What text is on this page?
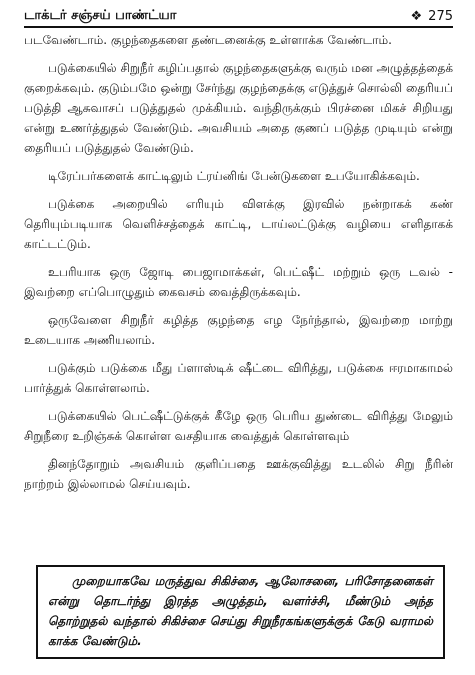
டாக்டர் சஞ்சய் பாண்ட்யா	❖ 275

படவேண்டாம். குழந்தைகளை தண்டனைக்கு உள்ளாக்க வேண்டாம்.

படுக்கையில் சிறுநீர் கழிப்பதால் குழந்தைகளுக்கு வரும் மன அழுத்தத்தைக் குறைக்கவும். குடும்பமே ஒன்று சேர்ந்து குழந்தைக்கு எடுத்துச் சொல்லி தைரியப் படுத்தி ஆசுவாசப் படுத்துதல் முக்கியம். வந்திருக்கும் பிரச்னை மிகச் சிறியது என்று உணர்த்துதல் வேண்டும். அவசியம் அதை குணப் படுத்த முடியும் என்று தைரியப் படுத்துதல் வேண்டும்.

டிரேப்பர்களைக் காட்டிலும் ட்ரய்னிங் பேன்டுகளை உபயோகிக்கவும்.

படுக்கை அறையில் எரியும் விளக்கு இரவில் நன்றாகக் கண் தெரியும்படியாக வெளிச்சத்தைக் காட்டி, டாய்லட்டுக்கு வழியை எளிதாகக் காட்டட்டும்.

உபரியாக ஒரு ஜோடி பைஜாமாக்கள், பெட்ஷீட் மற்றும் ஒரு டவல் - இவற்றை எப்பொழுதும் கைவசம் வைத்திருக்கவும்.

ஒருவேளை சிறுநீர் கழித்த குழந்தை எழ நேர்ந்தால், இவற்றை மாற்று உடையாக அணியலாம்.

படுக்கும் படுக்கை மீது ப்ளாஸ்டிக் ஷீட்டை விரித்து, படுக்கை ஈரமாகாமல் பார்த்துக் கொள்ளலாம்.

படுக்கையில் பெட்ஷீட்டுக்குக் கீழே ஒரு பெரிய துண்டை விரித்து மேலும் சிறுநீரை உறிஞ்சுக் கொள்ள வசதியாக வைத்துக் கொள்ளவும்

தினந்தோறும் அவசியம் குளிப்பதை ஊக்குவித்து உடலில் சிறு நீரின் நாற்றம் இல்லாமல் செய்யவும்.

முறையாகவே மருத்துவ சிகிச்சை, ஆலோசனை, பரிசோதனைகள் என்று தொடர்ந்து இரத்த அழுத்தம், வளர்ச்சி, மீண்டும் அந்த தொற்றுதல் வந்தால் சிகிச்சை செய்து சிறுநீரகங்களுக்குக் கேடு வராமல் காக்க வேண்டும்.
